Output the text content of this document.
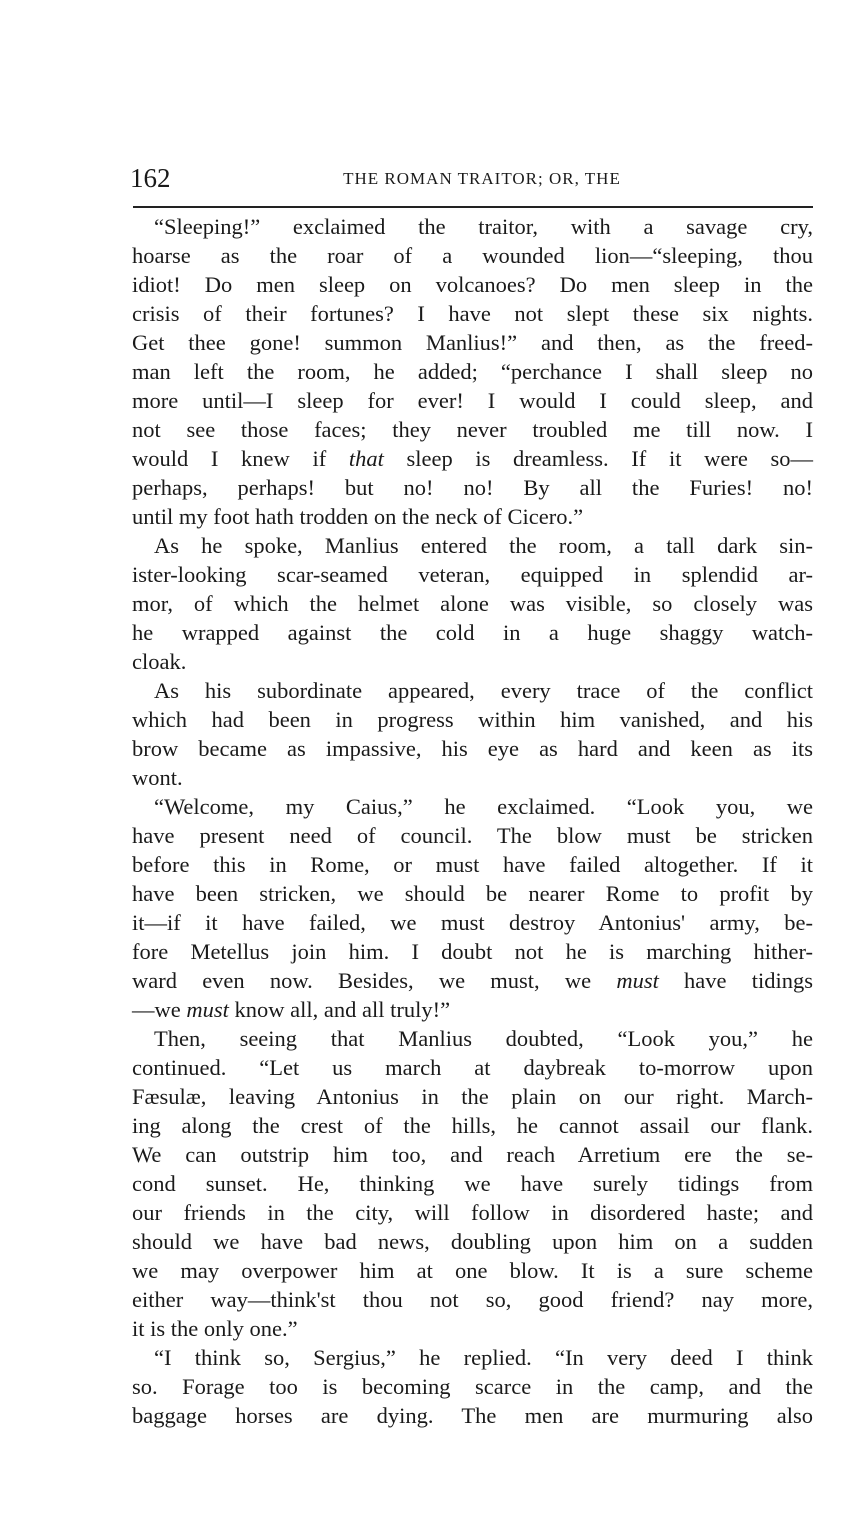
162	THE ROMAN TRAITOR; OR, THE
“Sleeping!” exclaimed the traitor, with a savage cry,
hoarse as the roar of a wounded lion—“sleeping, thou
idiot! Do men sleep on volcanoes? Do men sleep in the
crisis of their fortunes? I have not slept these six nights.
Get thee gone! summon Manlius!” and then, as the freed-
man left the room, he added; “perchance I shall sleep no
more until—I sleep for ever! I would I could sleep, and
not see those faces; they never troubled me till now. I
would I knew if that sleep is dreamless. If it were so—
perhaps, perhaps! but no! no! By all the Furies! no!
until my foot hath trodden on the neck of Cicero.”
As he spoke, Manlius entered the room, a tall dark sin-
ister-looking scar-seamed veteran, equipped in splendid ar-
mor, of which the helmet alone was visible, so closely was
he wrapped against the cold in a huge shaggy watch-
cloak.
As his subordinate appeared, every trace of the conflict
which had been in progress within him vanished, and his
brow became as impassive, his eye as hard and keen as its
wont.
“Welcome, my Caius,” he exclaimed. “Look you, we
have present need of council. The blow must be stricken
before this in Rome, or must have failed altogether. If it
have been stricken, we should be nearer Rome to profit by
it—if it have failed, we must destroy Antonius' army, be-
fore Metellus join him. I doubt not he is marching hither-
ward even now. Besides, we must, we must have tidings
—we must know all, and all truly!”
Then, seeing that Manlius doubted, “Look you,” he
continued. “Let us march at daybreak to-morrow upon
Fæsulæ, leaving Antonius in the plain on our right. March-
ing along the crest of the hills, he cannot assail our flank.
We can outstrip him too, and reach Arretium ere the se-
cond sunset. He, thinking we have surely tidings from
our friends in the city, will follow in disordered haste; and
should we have bad news, doubling upon him on a sudden
we may overpower him at one blow. It is a sure scheme
either way—think'st thou not so, good friend? nay more,
it is the only one.”
“I think so, Sergius,” he replied. “In very deed I think
so. Forage too is becoming scarce in the camp, and the
baggage horses are dying. The men are murmuring also
